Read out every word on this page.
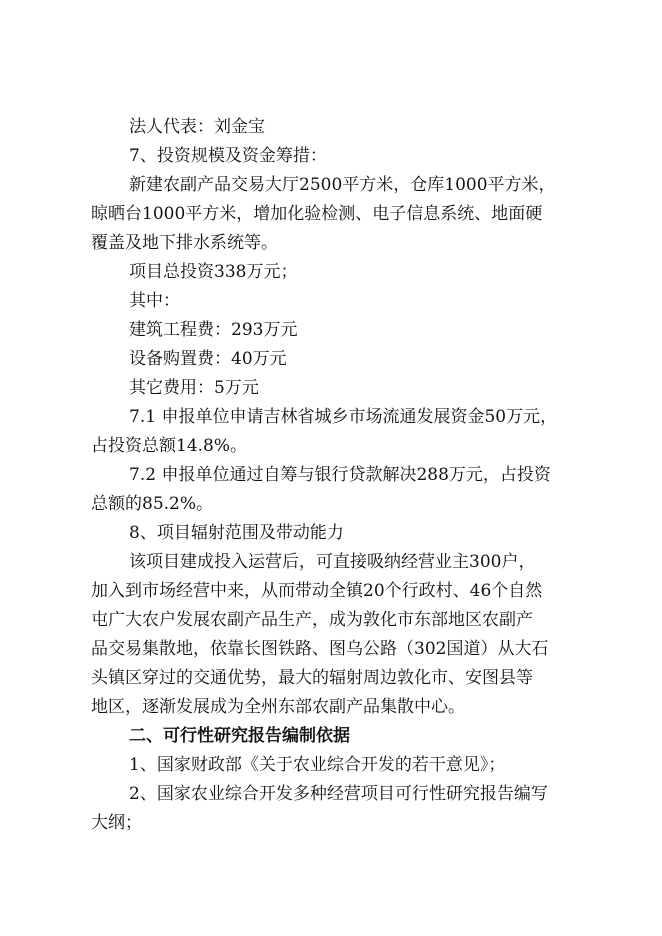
法人代表：刘金宝
7、投资规模及资金筹措：
新建农副产品交易大厅2500平方米，仓库1000平方米，
晾晒台1000平方米，增加化验检测、电子信息系统、地面硬
覆盖及地下排水系统等。
项目总投资338万元；
其中：
建筑工程费：293万元
设备购置费：40万元
其它费用：5万元
7.1 申报单位申请吉林省城乡市场流通发展资金50万元，
占投资总额14.8%。
7.2 申报单位通过自筹与银行贷款解决288万元，占投资
总额的85.2%。
8、项目辐射范围及带动能力
该项目建成投入运营后，可直接吸纳经营业主300户，
加入到市场经营中来，从而带动全镇20个行政村、46个自然
屯广大农户发展农副产品生产，成为敦化市东部地区农副产
品交易集散地，依靠长图铁路、图乌公路（302国道）从大石
头镇区穿过的交通优势，最大的辐射周边敦化市、安图县等
地区，逐渐发展成为全州东部农副产品集散中心。
二、可行性研究报告编制依据
1、国家财政部《关于农业综合开发的若干意见》；
2、国家农业综合开发多种经营项目可行性研究报告编写
大纲；
